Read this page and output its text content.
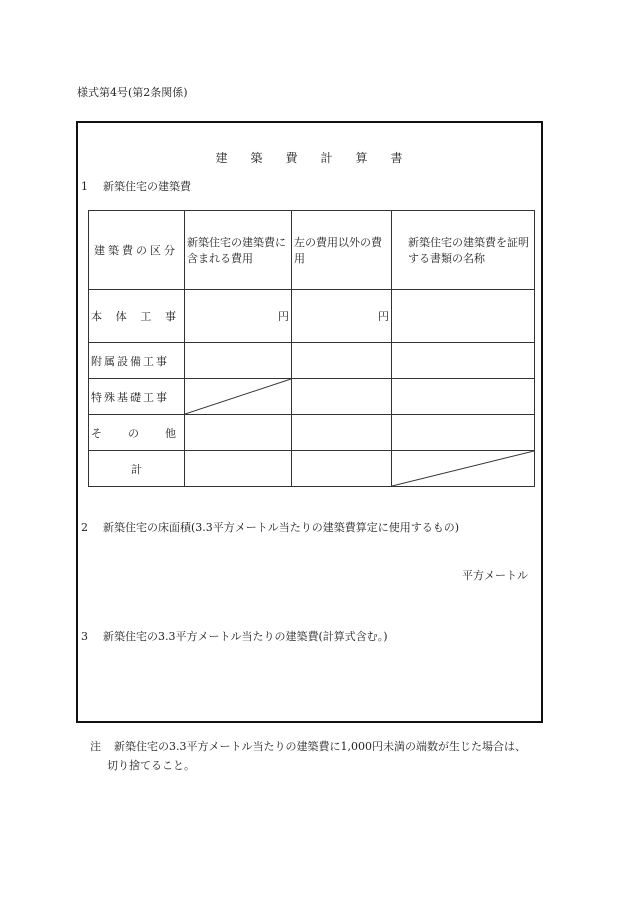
様式第4号(第2条関係)
建 築 費 計 算 書
1 新築住宅の建築費
建築費の区分	新築住宅の建築費に含まれる費用	左の費用以外の費用	新築住宅の建築費を証明する書類の名称

本 体 工 事	円	円	
附属設備工事			
特殊基礎工事	

そ の 他			

計			
2 新築住宅の床面積(3.3平方メートル当たりの建築費算定に使用するもの)
平方メートル
3 新築住宅の3.3平方メートル当たりの建築費(計算式含む。)
注 新築住宅の3.3平方メートル当たりの建築費に1,000円未満の端数が生じた場合は、
切り捨てること。
